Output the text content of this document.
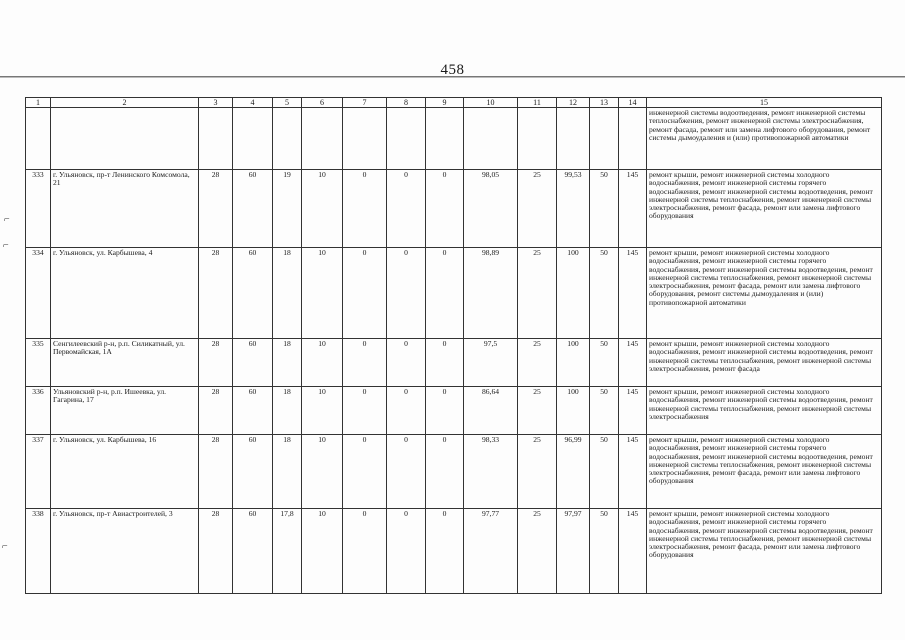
458
1	2	3	4	5	6	7	8	9	10	11	12	13	14	15
														инженерной системы водоотведения, ремонт инженерной системы теплоснабжения, ремонт инженерной системы электроснабжения, ремонт фасада, ремонт или замена лифтового оборудования, ремонт системы дымоудаления и (или) противопожарной автоматики
333	г. Ульяновск, пр-т Ленинского Комсомола, 21	28	60	19	10	0	0	0	98,05	25	99,53	50	145	ремонт крыши, ремонт инженерной системы холодного водоснабжения, ремонт инженерной системы горячего водоснабжения, ремонт инженерной системы водоотведения, ремонт инженерной системы теплоснабжения, ремонт инженерной системы электроснабжения, ремонт фасада, ремонт или замена лифтового оборудования
334	г. Ульяновск, ул. Карбышева, 4	28	60	18	10	0	0	0	98,89	25	100	50	145	ремонт крыши, ремонт инженерной системы холодного водоснабжения, ремонт инженерной системы горячего водоснабжения, ремонт инженерной системы водоотведения, ремонт инженерной системы теплоснабжения, ремонт инженерной системы электроснабжения, ремонт фасада, ремонт или замена лифтового оборудования, ремонт системы дымоудаления и (или) противопожарной автоматики
335	Сенгилеевский р-н, р.п. Силикатный, ул. Первомайская, 1А	28	60	18	10	0	0	0	97,5	25	100	50	145	ремонт крыши, ремонт инженерной системы холодного водоснабжения, ремонт инженерной системы водоотведения, ремонт инженерной системы теплоснабжения, ремонт инженерной системы электроснабжения, ремонт фасада
336	Ульяновский р-н, р.п. Ишеевка, ул. Гагарина, 17	28	60	18	10	0	0	0	86,64	25	100	50	145	ремонт крыши, ремонт инженерной системы холодного водоснабжения, ремонт инженерной системы водоотведения, ремонт инженерной системы теплоснабжения, ремонт инженерной системы электроснабжения
337	г. Ульяновск, ул. Карбышева, 16	28	60	18	10	0	0	0	98,33	25	96,99	50	145	ремонт крыши, ремонт инженерной системы холодного водоснабжения, ремонт инженерной системы горячего водоснабжения, ремонт инженерной системы водоотведения, ремонт инженерной системы теплоснабжения, ремонт инженерной системы электроснабжения, ремонт фасада, ремонт или замена лифтового оборудования
338	г. Ульяновск, пр-т Авиастроителей, 3	28	60	17,8	10	0	0	0	97,77	25	97,97	50	145	ремонт крыши, ремонт инженерной системы холодного водоснабжения, ремонт инженерной системы горячего водоснабжения, ремонт инженерной системы водоотведения, ремонт инженерной системы теплоснабжения, ремонт инженерной системы электроснабжения, ремонт фасада, ремонт или замена лифтового оборудования
⌐
⌐
⌐
